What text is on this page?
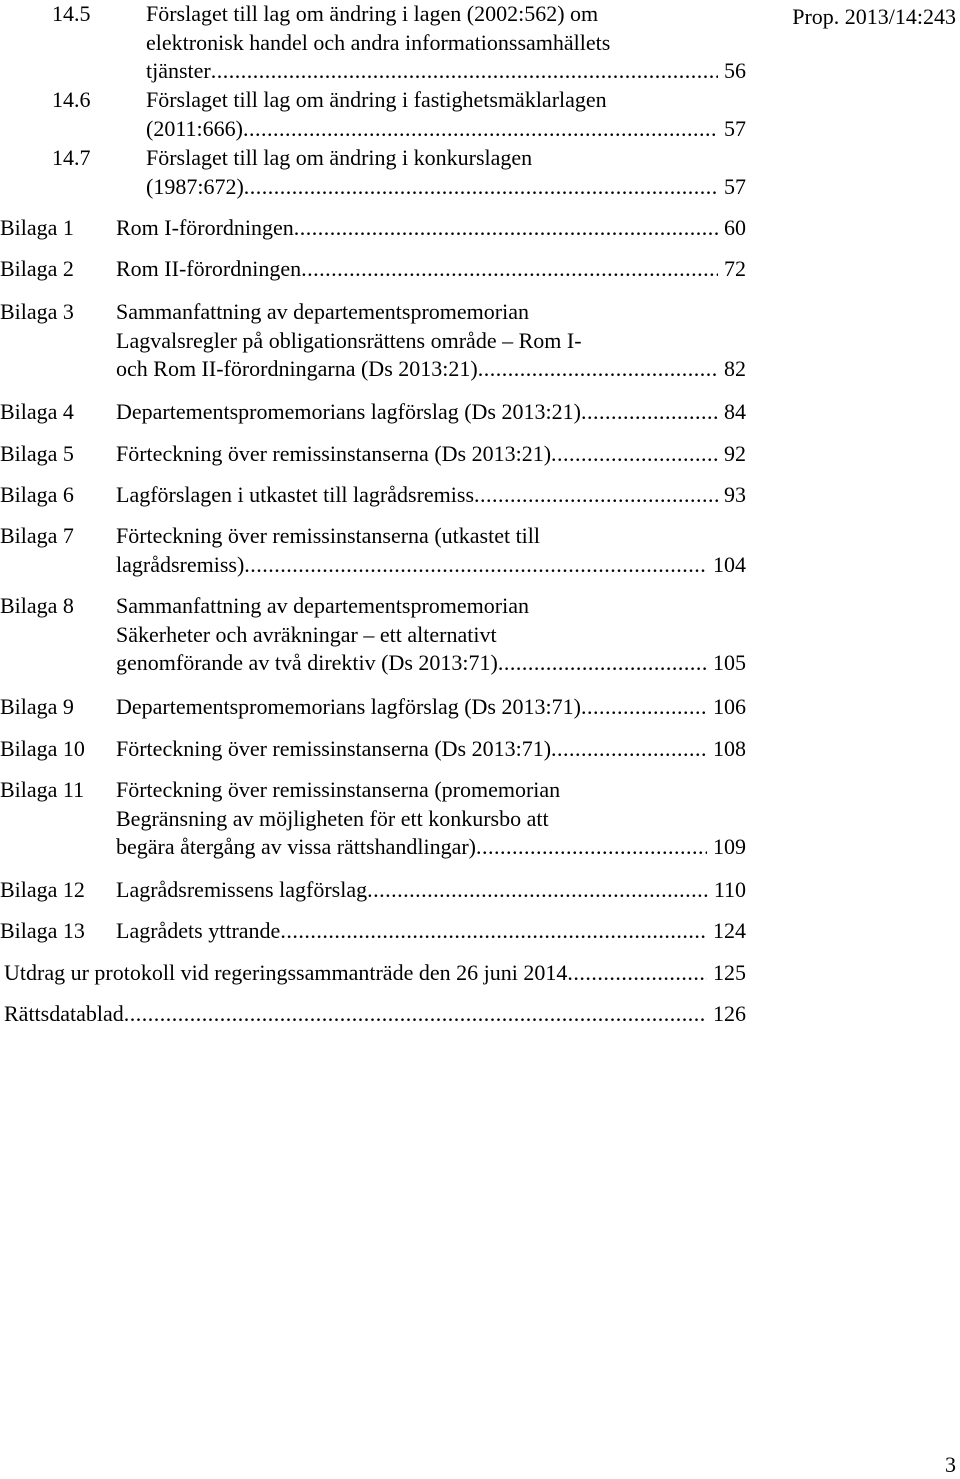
Prop. 2013/14:243
14.5	Förslaget till lag om ändring i lagen (2002:562) om
elektronisk handel och andra informationssamhällets
tjänster .....	56
14.6	Förslaget till lag om ändring i fastighetsmäklarlagen
(2011:666) .....	57
14.7	Förslaget till lag om ändring i konkurslagen
(1987:672) .....	57
Bilaga 1 Rom I-förordningen .....	60
Bilaga 2 Rom II-förordningen .....	72
Bilaga 3 Sammanfattning av departementspromemorian
Lagvalsregler på obligationsrättens område – Rom I-
och Rom II-förordningarna (Ds 2013:21) .....	82
Bilaga 4 Departementspromemorians lagförslag (Ds 2013:21) .....	84
Bilaga 5 Förteckning över remissinstanserna (Ds 2013:21) .....	92
Bilaga 6 Lagförslagen i utkastet till lagrådsremiss .....	93
Bilaga 7 Förteckning över remissinstanserna (utkastet till
lagrådsremiss) .....	104
Bilaga 8 Sammanfattning av departementspromemorian
Säkerheter och avräkningar – ett alternativt
genomförande av två direktiv (Ds 2013:71) .....	105
Bilaga 9 Departementspromemorians lagförslag (Ds 2013:71) .....	106
Bilaga 10 Förteckning över remissinstanserna (Ds 2013:71) .....	108
Bilaga 11 Förteckning över remissinstanserna (promemorian
Begränsning av möjligheten för ett konkursbo att
begära återgång av vissa rättshandlingar) .....	109
Bilaga 12 Lagrådsremissens lagförslag .....	110
Bilaga 13 Lagrådets yttrande .....	124
Utdrag ur protokoll vid regeringssammanträde den 26 juni 2014 .....	125
Rättsdatablad .....	126
3
